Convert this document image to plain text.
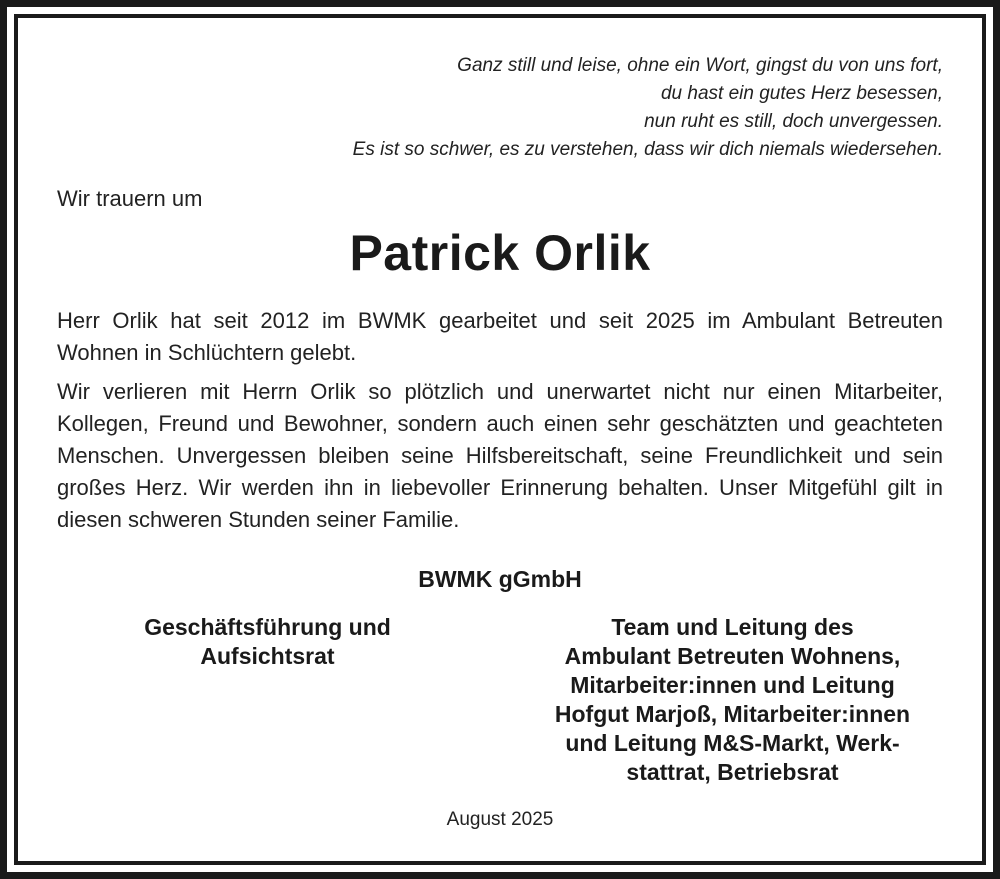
Ganz still und leise, ohne ein Wort, gingst du von uns fort,
du hast ein gutes Herz besessen,
nun ruht es still, doch unvergessen.
Es ist so schwer, es zu verstehen, dass wir dich niemals wiedersehen.
Wir trauern um
Patrick Orlik
Herr Orlik hat seit 2012 im BWMK gearbeitet und seit 2025 im Ambulant Betreuten Wohnen in Schlüchtern gelebt.
Wir verlieren mit Herrn Orlik so plötzlich und unerwartet nicht nur einen Mitarbeiter, Kollegen, Freund und Bewohner, sondern auch einen sehr geschätzten und geachteten Menschen. Unvergessen bleiben seine Hilfsbereitschaft, seine Freundlichkeit und sein großes Herz. Wir werden ihn in liebevoller Erinnerung behalten. Unser Mitgefühl gilt in diesen schweren Stunden seiner Familie.
BWMK gGmbH
Geschäftsführung und
Aufsichtsrat
Team und Leitung des
Ambulant Betreuten Wohnens,
Mitarbeiter:innen und Leitung
Hofgut Marjoß, Mitarbeiter:innen
und Leitung M&S-Markt, Werk-
stattrat, Betriebsrat
August 2025
